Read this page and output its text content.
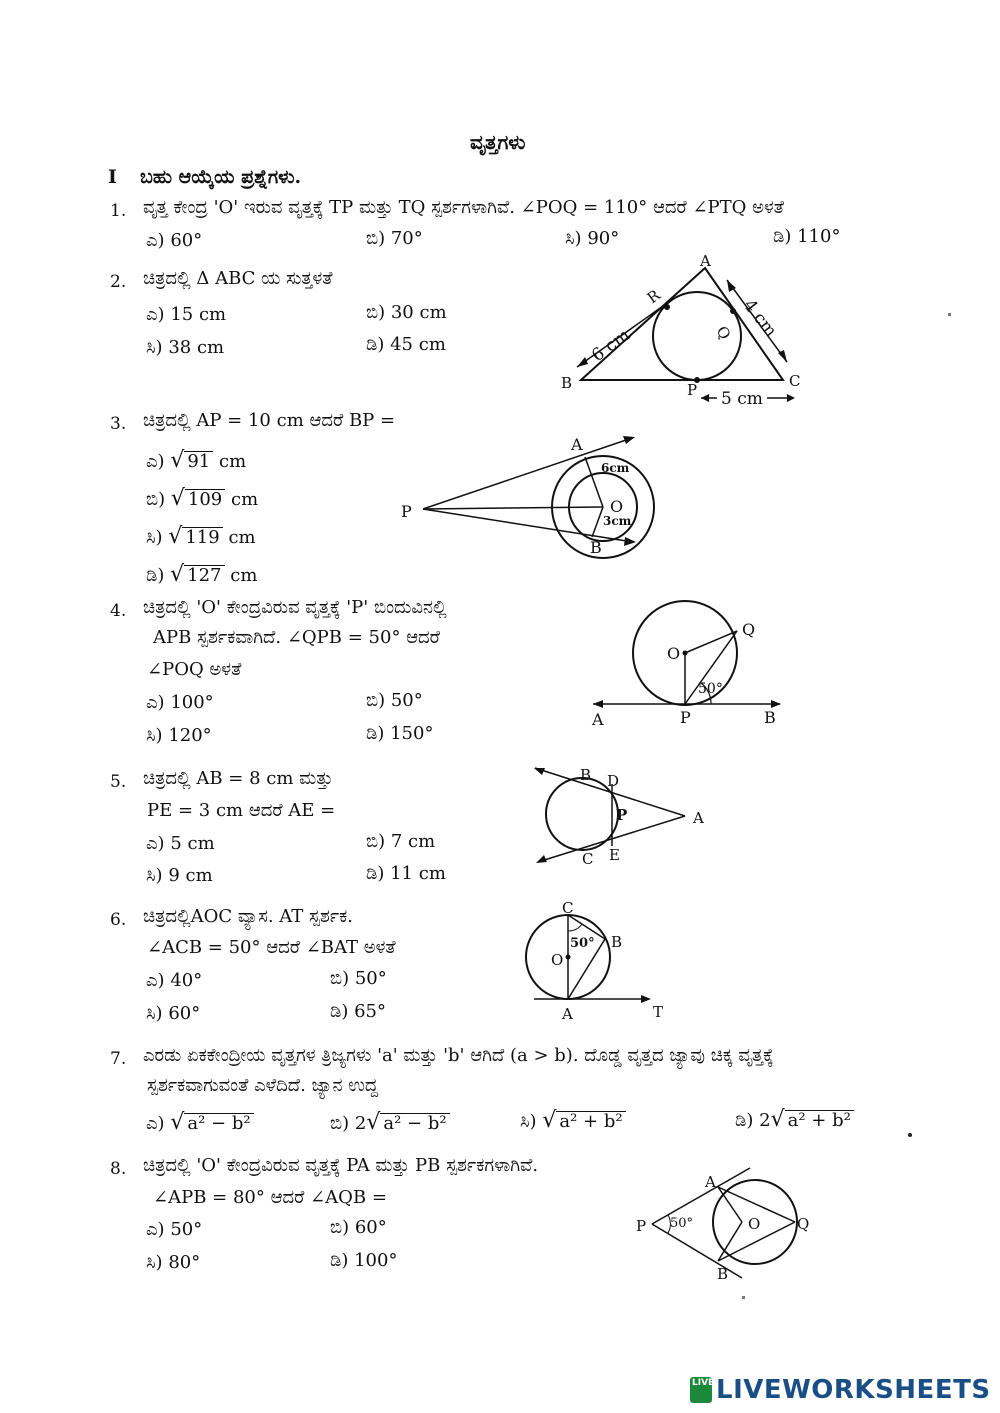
ವೃತ್ತಗಳು
I ಬಹು ಆಯ್ಕೆಯ ಪ್ರಶ್ನೆಗಳು.
1. ವೃತ್ತ ಕೇಂದ್ರ 'O' ಇರುವ ವೃತ್ತಕ್ಕೆ TP ಮತ್ತು TQ ಸ್ಪರ್ಶಗಳಾಗಿವೆ. ∠POQ = 110° ಆದರೆ ∠PTQ ಅಳತೆ
ಎ) 60°	ಬಿ) 70°	ಸಿ) 90°	ಡಿ) 110°
2. ಚಿತ್ರದಲ್ಲಿ Δ ABC ಯ ಸುತ್ತಳತೆ
ಎ) 15 cm	ಬಿ) 30 cm
ಸಿ) 38 cm	ಡಿ) 45 cm
A
B	C
P
Q
R
6 cm
4 cm
5 cm
3. ಚಿತ್ರದಲ್ಲಿ AP = 10 cm ಆದರೆ BP =
ಎ) √ 91 cm
ಬಿ) √ 109 cm
ಸಿ) √ 119 cm
ಡಿ) √ 127 cm
P
A
B
O
6cm
3cm
4. ಚಿತ್ರದಲ್ಲಿ 'O' ಕೇಂದ್ರವಿರುವ ವೃತ್ತಕ್ಕೆ 'P' ಬಿಂದುವಿನಲ್ಲಿ
APB ಸ್ಪರ್ಶಕವಾಗಿದೆ. ∠QPB = 50° ಆದರೆ
∠POQ ಅಳತೆ
ಎ) 100°	ಬಿ) 50°
ಸಿ) 120°	ಡಿ) 150°
O
Q
P
A	B
50°
5. ಚಿತ್ರದಲ್ಲಿ AB = 8 cm ಮತ್ತು
PE = 3 cm ಆದರೆ AE =
ಎ) 5 cm	ಬಿ) 7 cm
ಸಿ) 9 cm	ಡಿ) 11 cm
B D
P	A
C E
6. ಚಿತ್ರದಲ್ಲಿAOC ವ್ಯಾಸ. AT ಸ್ಪರ್ಶಕ.
∠ACB = 50° ಆದರೆ ∠BAT ಅಳತೆ
ಎ) 40°	ಬಿ) 50°
ಸಿ) 60°	ಡಿ) 65°
C
O
B
A	T
50°
7. ಎರಡು ಏಕಕೇಂದ್ರೀಯ ವೃತ್ತಗಳ ತ್ರಿಜ್ಯಗಳು 'a' ಮತ್ತು 'b' ಆಗಿದೆ (a > b). ದೊಡ್ಡ ವೃತ್ತದ ಜ್ಯಾವು ಚಿಕ್ಕ ವೃತ್ತಕ್ಕೆ
ಸ್ಪರ್ಶಕವಾಗುವಂತೆ ಎಳೆದಿದೆ. ಜ್ಯಾನ ಉದ್ದ
ಎ) √ a² − b²	ಬಿ) 2√ a² − b²	ಸಿ) √ a² + b²	ಡಿ) 2√ a² + b²
8. ಚಿತ್ರದಲ್ಲಿ 'O' ಕೇಂದ್ರವಿರುವ ವೃತ್ತಕ್ಕೆ PA ಮತ್ತು PB ಸ್ಪರ್ಶಕಗಳಾಗಿವೆ.
∠APB = 80° ಆದರೆ ∠AQB =
ಎ) 50°	ಬಿ) 60°
ಸಿ) 80°	ಡಿ) 100°
A
P	O Q
B
50°
LIVE LIVEWORKSHEETS
